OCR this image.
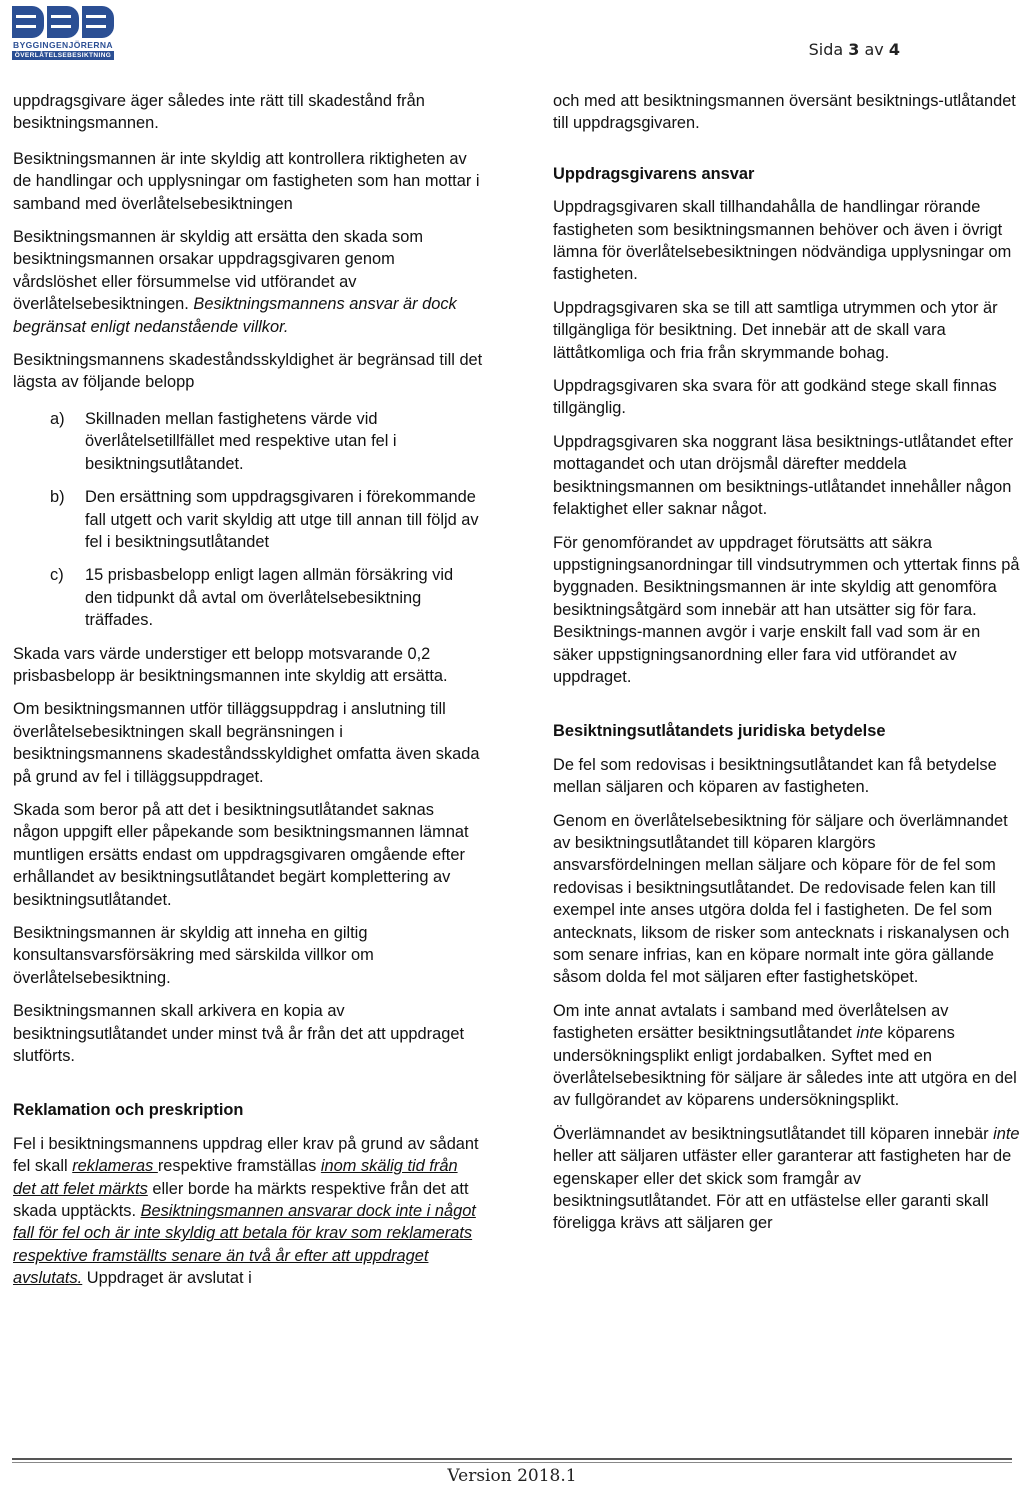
BYGGINGENJÖRERNA
ÖVERLÅTELSEBESIKTNING	Sida 3 av 4

uppdragsgivare äger således inte rätt till skadestånd från besiktningsmannen.

Besiktningsmannen är inte skyldig att kontrollera riktigheten av de handlingar och upplysningar om fastigheten som han mottar i samband med överlåtelsebesiktningen

Besiktningsmannen är skyldig att ersätta den skada som besiktningsmannen orsakar uppdragsgivaren genom vårdslöshet eller försummelse vid utförandet av överlåtelsebesiktningen. Besiktningsmannens ansvar är dock begränsat enligt nedanstående villkor.

Besiktningsmannens skadeståndsskyldighet är begränsad till det lägsta av följande belopp

a)	Skillnaden mellan fastighetens värde vid överlåtelsetillfället med respektive utan fel i besiktningsutlåtandet.
b)	Den ersättning som uppdragsgivaren i förekommande fall utgett och varit skyldig att utge till annan till följd av fel i besiktningsutlåtandet
c)	15 prisbasbelopp enligt lagen allmän försäkring vid den tidpunkt då avtal om överlåtelsebesiktning träffades.

Skada vars värde understiger ett belopp motsvarande 0,2 prisbasbelopp är besiktningsmannen inte skyldig att ersätta.

Om besiktningsmannen utför tilläggsuppdrag i anslutning till överlåtelsebesiktningen skall begränsningen i besiktningsmannens skadeståndsskyldighet omfatta även skada på grund av fel i tilläggsuppdraget.

Skada som beror på att det i besiktningsutlåtandet saknas någon uppgift eller påpekande som besiktningsmannen lämnat muntligen ersätts endast om uppdragsgivaren omgående efter erhållandet av besiktningsutlåtandet begärt komplettering av besiktningsutlåtandet.

Besiktningsmannen är skyldig att inneha en giltig konsultansvarsförsäkring med särskilda villkor om överlåtelsebesiktning.

Besiktningsmannen skall arkivera en kopia av besiktningsutlåtandet under minst två år från det att uppdraget slutförts.

Reklamation och preskription

Fel i besiktningsmannens uppdrag eller krav på grund av sådant fel skall reklameras respektive framställas inom skälig tid från det att felet märkts eller borde ha märkts respektive från det att skada upptäckts. Besiktningsmannen ansvarar dock inte i något fall för fel och är inte skyldig att betala för krav som reklamerats respektive framställts senare än två år efter att uppdraget avslutats. Uppdraget är avslutat i

och med att besiktningsmannen översänt besiktnings-utlåtandet till uppdragsgivaren.

Uppdragsgivarens ansvar

Uppdragsgivaren skall tillhandahålla de handlingar rörande fastigheten som besiktningsmannen behöver och även i övrigt lämna för överlåtelsebesiktningen nödvändiga upplysningar om fastigheten.

Uppdragsgivaren ska se till att samtliga utrymmen och ytor är tillgängliga för besiktning. Det innebär att de skall vara lättåtkomliga och fria från skrymmande bohag.

Uppdragsgivaren ska svara för att godkänd stege skall finnas tillgänglig.

Uppdragsgivaren ska noggrant läsa besiktnings-utlåtandet efter mottagandet och utan dröjsmål därefter meddela besiktningsmannen om besiktnings-utlåtandet innehåller någon felaktighet eller saknar något.

För genomförandet av uppdraget förutsätts att säkra uppstigningsanordningar till vindsutrymmen och yttertak finns på byggnaden. Besiktningsmannen är inte skyldig att genomföra besiktningsåtgärd som innebär att han utsätter sig för fara. Besiktnings-mannen avgör i varje enskilt fall vad som är en säker uppstigningsanordning eller fara vid utförandet av uppdraget.

Besiktningsutlåtandets juridiska betydelse

De fel som redovisas i besiktningsutlåtandet kan få betydelse mellan säljaren och köparen av fastigheten.

Genom en överlåtelsebesiktning för säljare och överlämnandet av besiktningsutlåtandet till köparen klargörs ansvarsfördelningen mellan säljare och köpare för de fel som redovisas i besiktningsutlåtandet. De redovisade felen kan till exempel inte anses utgöra dolda fel i fastigheten. De fel som antecknats, liksom de risker som antecknats i riskanalysen och som senare infrias, kan en köpare normalt inte göra gällande såsom dolda fel mot säljaren efter fastighetsköpet.

Om inte annat avtalats i samband med överlåtelsen av fastigheten ersätter besiktningsutlåtandet inte köparens undersökningsplikt enligt jordabalken. Syftet med en överlåtelsebesiktning för säljare är således inte att utgöra en del av fullgörandet av köparens undersökningsplikt.

Överlämnandet av besiktningsutlåtandet till köparen innebär inte heller att säljaren utfäster eller garanterar att fastigheten har de egenskaper eller det skick som framgår av besiktningsutlåtandet. För att en utfästelse eller garanti skall föreligga krävs att säljaren ger

Version 2018.1
